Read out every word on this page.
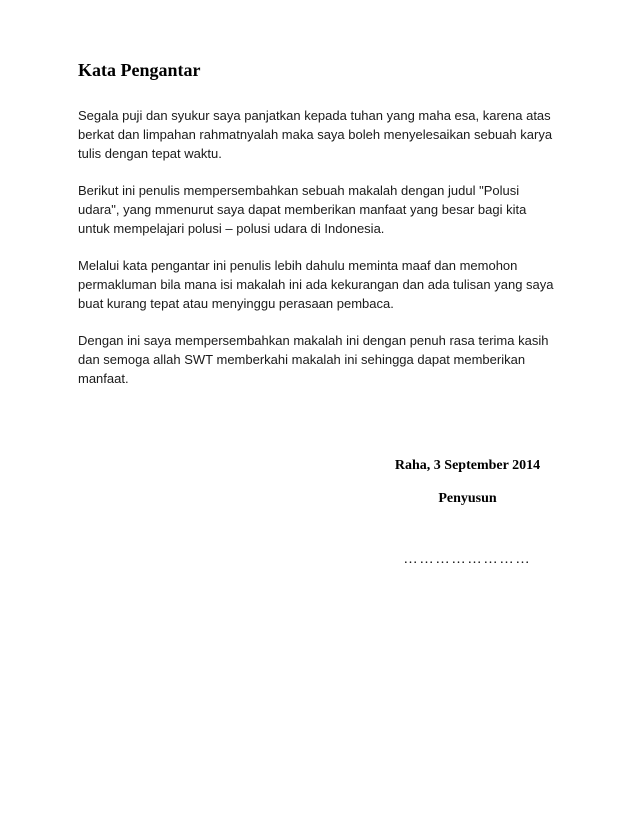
Kata Pengantar

Segala puji dan syukur saya panjatkan kepada tuhan yang maha esa, karena atas
berkat dan limpahan rahmatnyalah maka saya boleh menyelesaikan sebuah karya
tulis dengan tepat waktu.

Berikut ini penulis mempersembahkan sebuah makalah dengan judul "Polusi
udara", yang mmenurut saya dapat memberikan manfaat yang besar bagi kita
untuk mempelajari polusi – polusi udara di Indonesia.

Melalui kata pengantar ini penulis lebih dahulu meminta maaf dan memohon
permakluman bila mana isi makalah ini ada kekurangan dan ada tulisan yang saya
buat kurang tepat atau menyinggu perasaan pembaca.

Dengan ini saya mempersembahkan makalah ini dengan penuh rasa terima kasih
dan semoga allah SWT memberkahi makalah ini sehingga dapat memberikan
manfaat.

Raha, 3 September 2014
Penyusun
……………………
